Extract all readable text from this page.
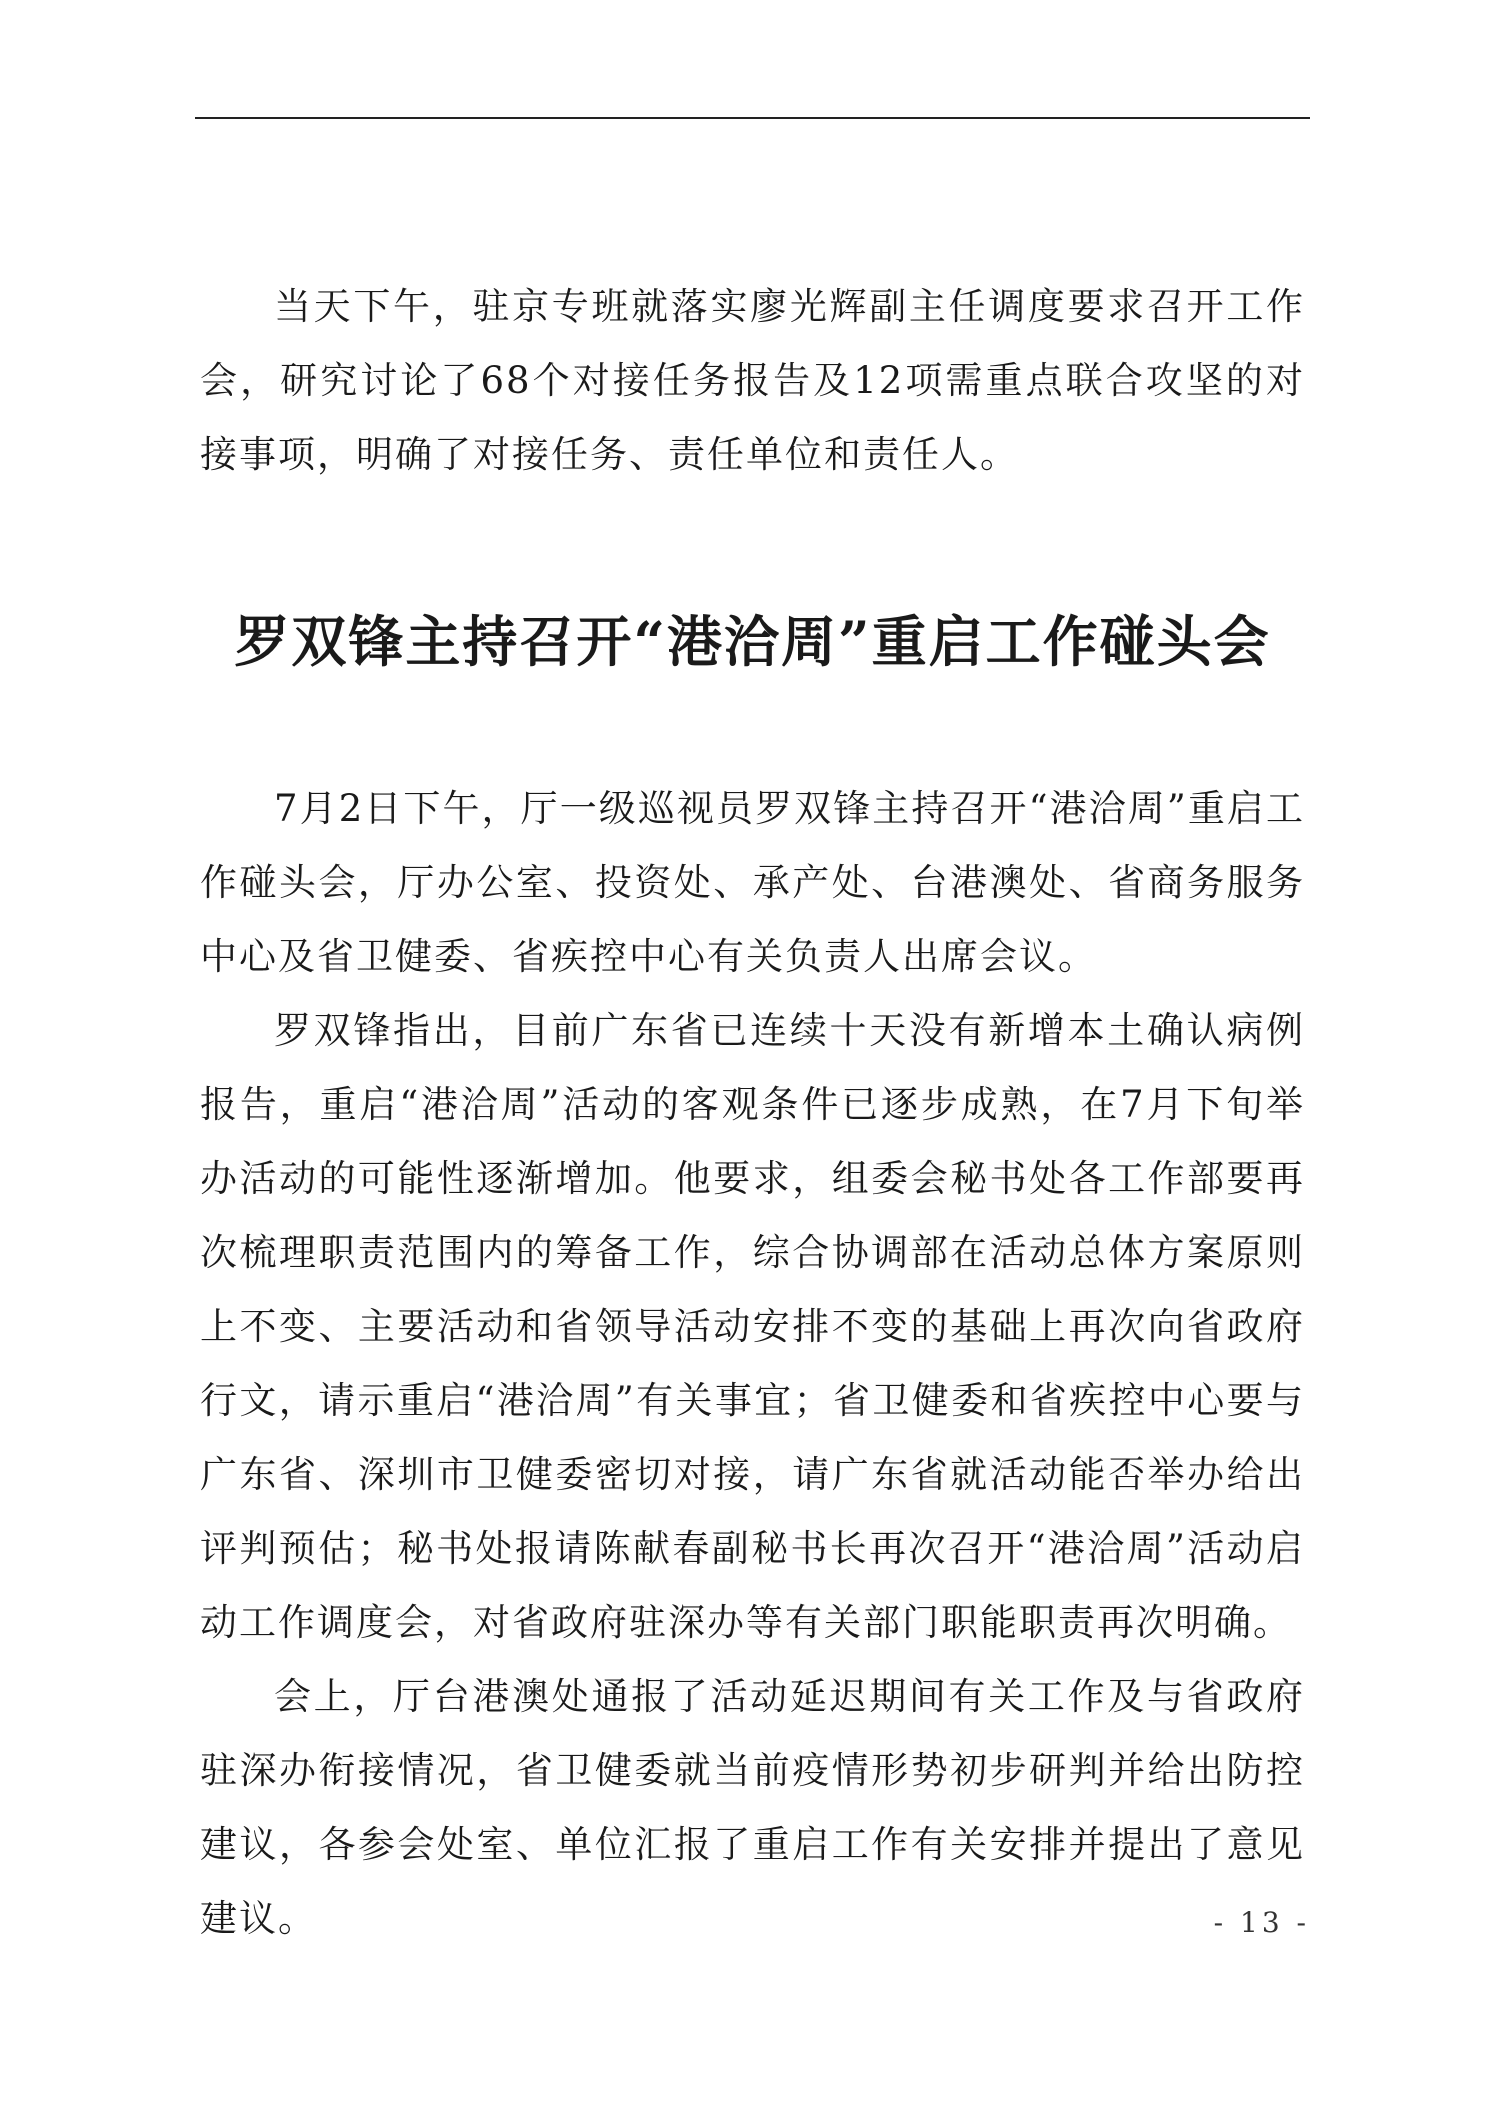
当天下午，驻京专班就落实廖光辉副主任调度要求召开工作会，研究讨论了68个对接任务报告及12项需重点联合攻坚的对接事项，明确了对接任务、责任单位和责任人。

罗双锋主持召开“港洽周”重启工作碰头会

7月2日下午，厅一级巡视员罗双锋主持召开“港洽周”重启工作碰头会，厅办公室、投资处、承产处、台港澳处、省商务服务中心及省卫健委、省疾控中心有关负责人出席会议。

罗双锋指出，目前广东省已连续十天没有新增本土确认病例报告，重启“港洽周”活动的客观条件已逐步成熟，在7月下旬举办活动的可能性逐渐增加。他要求，组委会秘书处各工作部要再次梳理职责范围内的筹备工作，综合协调部在活动总体方案原则上不变、主要活动和省领导活动安排不变的基础上再次向省政府行文，请示重启“港洽周”有关事宜；省卫健委和省疾控中心要与广东省、深圳市卫健委密切对接，请广东省就活动能否举办给出评判预估；秘书处报请陈献春副秘书长再次召开“港洽周”活动启动工作调度会，对省政府驻深办等有关部门职能职责再次明确。

会上，厅台港澳处通报了活动延迟期间有关工作及与省政府驻深办衔接情况，省卫健委就当前疫情形势初步研判并给出防控建议，各参会处室、单位汇报了重启工作有关安排并提出了意见建议。	- 13 -
